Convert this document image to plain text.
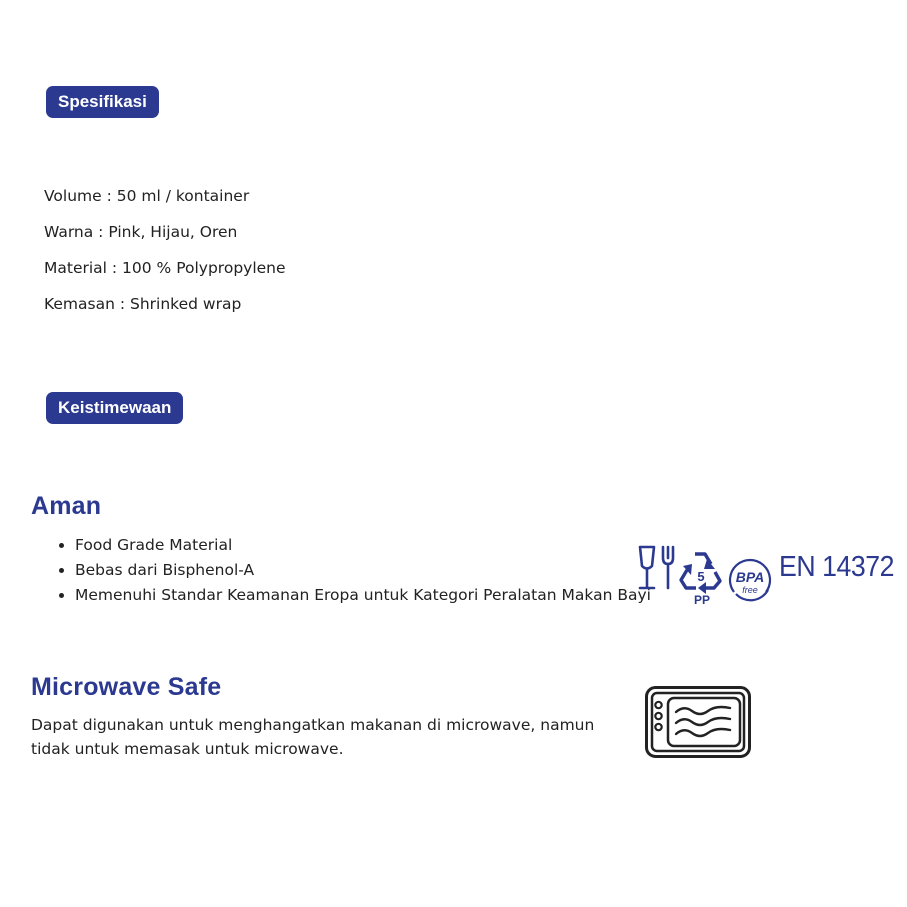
Spesifikasi
Volume : 50 ml / kontainer
Warna : Pink, Hijau, Oren
Material : 100 % Polypropylene
Kemasan : Shrinked wrap
Keistimewaan
Aman
• Food Grade Material
• Bebas dari Bisphenol-A
• Memenuhi Standar Keamanan Eropa untuk Kategori Peralatan Makan Bayi
5
PP
BPA
free
EN 14372
Microwave Safe
Dapat digunakan untuk menghangatkan makanan di microwave, namun tidak untuk memasak untuk microwave.
